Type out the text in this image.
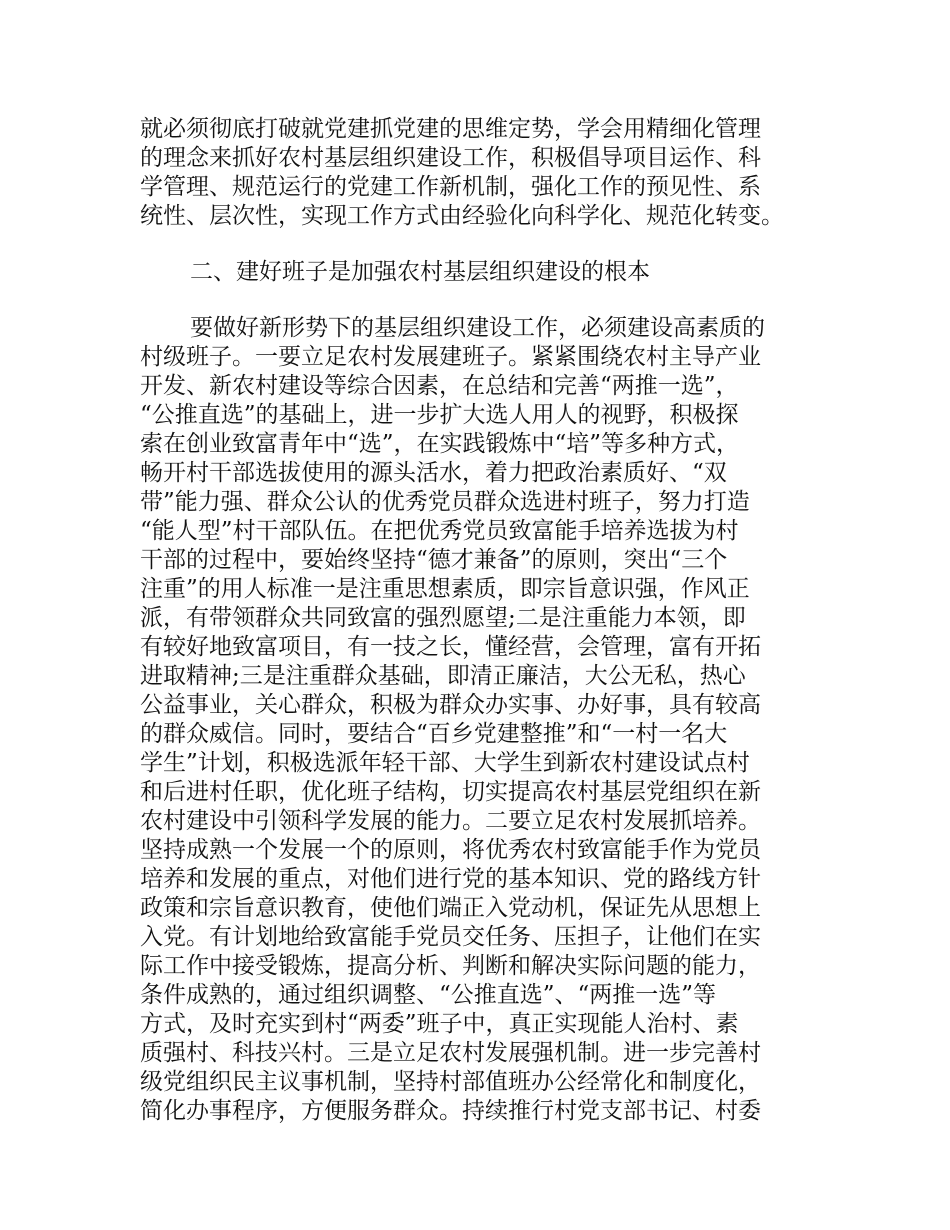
就必须彻底打破就党建抓党建的思维定势，学会用精细化管理
的理念来抓好农村基层组织建设工作，积极倡导项目运作、科
学管理、规范运行的党建工作新机制，强化工作的预见性、系
统性、层次性，实现工作方式由经验化向科学化、规范化转变。
二、建好班子是加强农村基层组织建设的根本
要做好新形势下的基层组织建设工作，必须建设高素质的
村级班子。一要立足农村发展建班子。紧紧围绕农村主导产业
开发、新农村建设等综合因素，在总结和完善“两推一选”，
“公推直选”的基础上，进一步扩大选人用人的视野，积极探
索在创业致富青年中“选”，在实践锻炼中“培”等多种方式，
畅开村干部选拔使用的源头活水，着力把政治素质好、“双
带”能力强、群众公认的优秀党员群众选进村班子，努力打造
“能人型”村干部队伍。在把优秀党员致富能手培养选拔为村
干部的过程中，要始终坚持“德才兼备”的原则，突出“三个
注重”的用人标准一是注重思想素质，即宗旨意识强，作风正
派，有带领群众共同致富的强烈愿望;二是注重能力本领，即
有较好地致富项目，有一技之长，懂经营，会管理，富有开拓
进取精神;三是注重群众基础，即清正廉洁，大公无私，热心
公益事业，关心群众，积极为群众办实事、办好事，具有较高
的群众威信。同时，要结合“百乡党建整推”和“一村一名大
学生”计划，积极选派年轻干部、大学生到新农村建设试点村
和后进村任职，优化班子结构，切实提高农村基层党组织在新
农村建设中引领科学发展的能力。二要立足农村发展抓培养。
坚持成熟一个发展一个的原则，将优秀农村致富能手作为党员
培养和发展的重点，对他们进行党的基本知识、党的路线方针
政策和宗旨意识教育，使他们端正入党动机，保证先从思想上
入党。有计划地给致富能手党员交任务、压担子，让他们在实
际工作中接受锻炼，提高分析、判断和解决实际问题的能力，
条件成熟的，通过组织调整、“公推直选”、“两推一选”等
方式，及时充实到村“两委”班子中，真正实现能人治村、素
质强村、科技兴村。三是立足农村发展强机制。进一步完善村
级党组织民主议事机制，坚持村部值班办公经常化和制度化，
简化办事程序，方便服务群众。持续推行村党支部书记、村委
